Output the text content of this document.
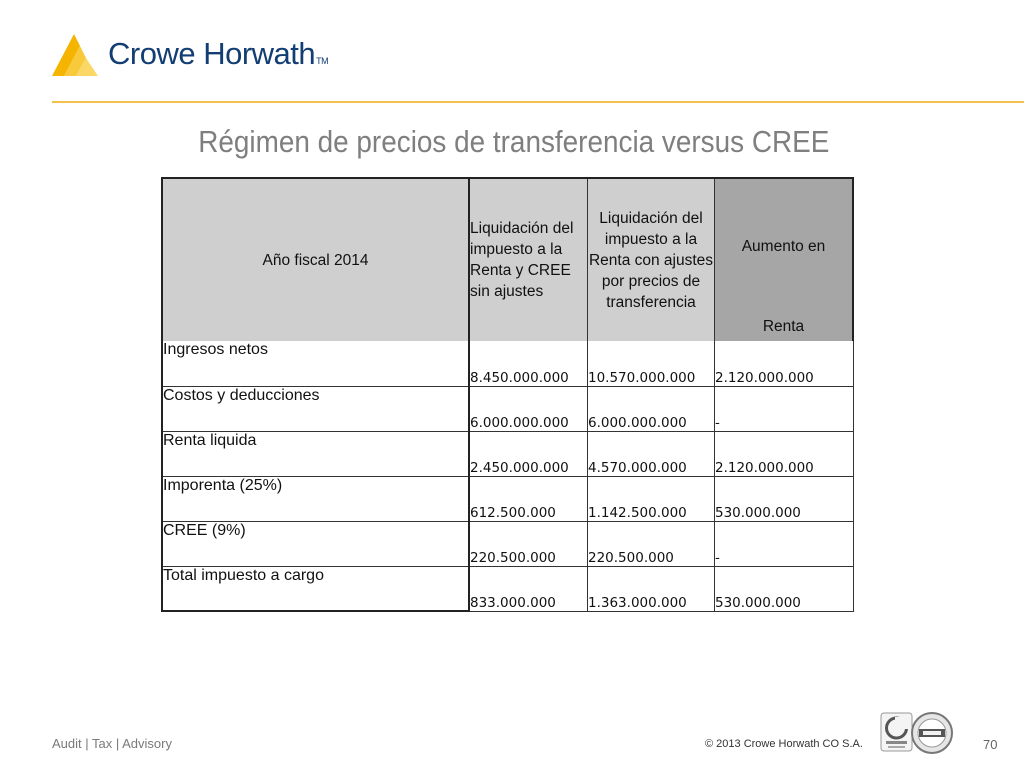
Crowe HorwathTM
Régimen de precios de transferencia versus CREE
Año fiscal 2014	Liquidación del impuesto a la Renta y CREE sin ajustes	Liquidación del impuesto a la Renta con ajustes por precios de transferencia	Aumento en
Renta

Ingresos netos	8.450.000.000	10.570.000.000	2.120.000.000
Costos y deducciones	6.000.000.000	6.000.000.000	-
Renta liquida	2.450.000.000	4.570.000.000	2.120.000.000
Imporenta (25%)	612.500.000	1.142.500.000	530.000.000
CREE (9%)	220.500.000	220.500.000	-
Total impuesto a cargo	833.000.000	1.363.000.000	530.000.000
Audit | Tax | Advisory	© 2013 Crowe Horwath CO S.A.	70
